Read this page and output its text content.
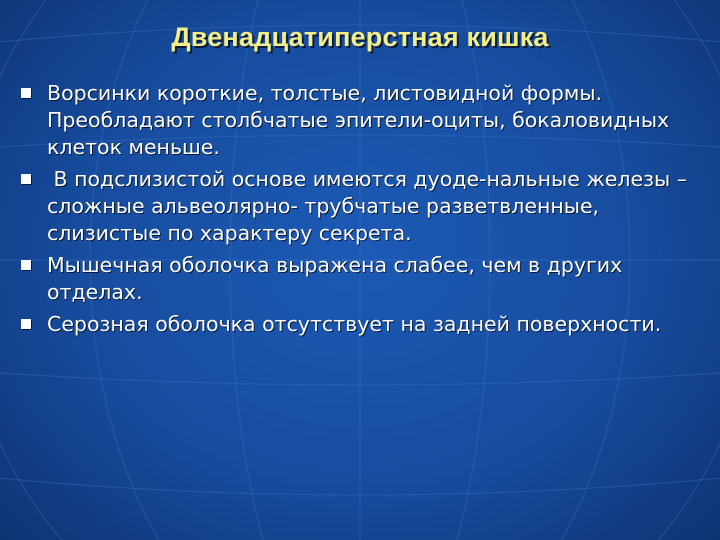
Двенадцатиперстная кишка
Ворсинки короткие, толстые, листовидной формы. Преобладают столбчатые эпители-оциты, бокаловидных клеток меньше.
В подслизистой основе имеются дуоде-нальные железы – сложные альвеолярно- трубчатые разветвленные, слизистые по характеру секрета.
Мышечная оболочка выражена слабее, чем в других отделах.
Серозная оболочка отсутствует на задней поверхности.
